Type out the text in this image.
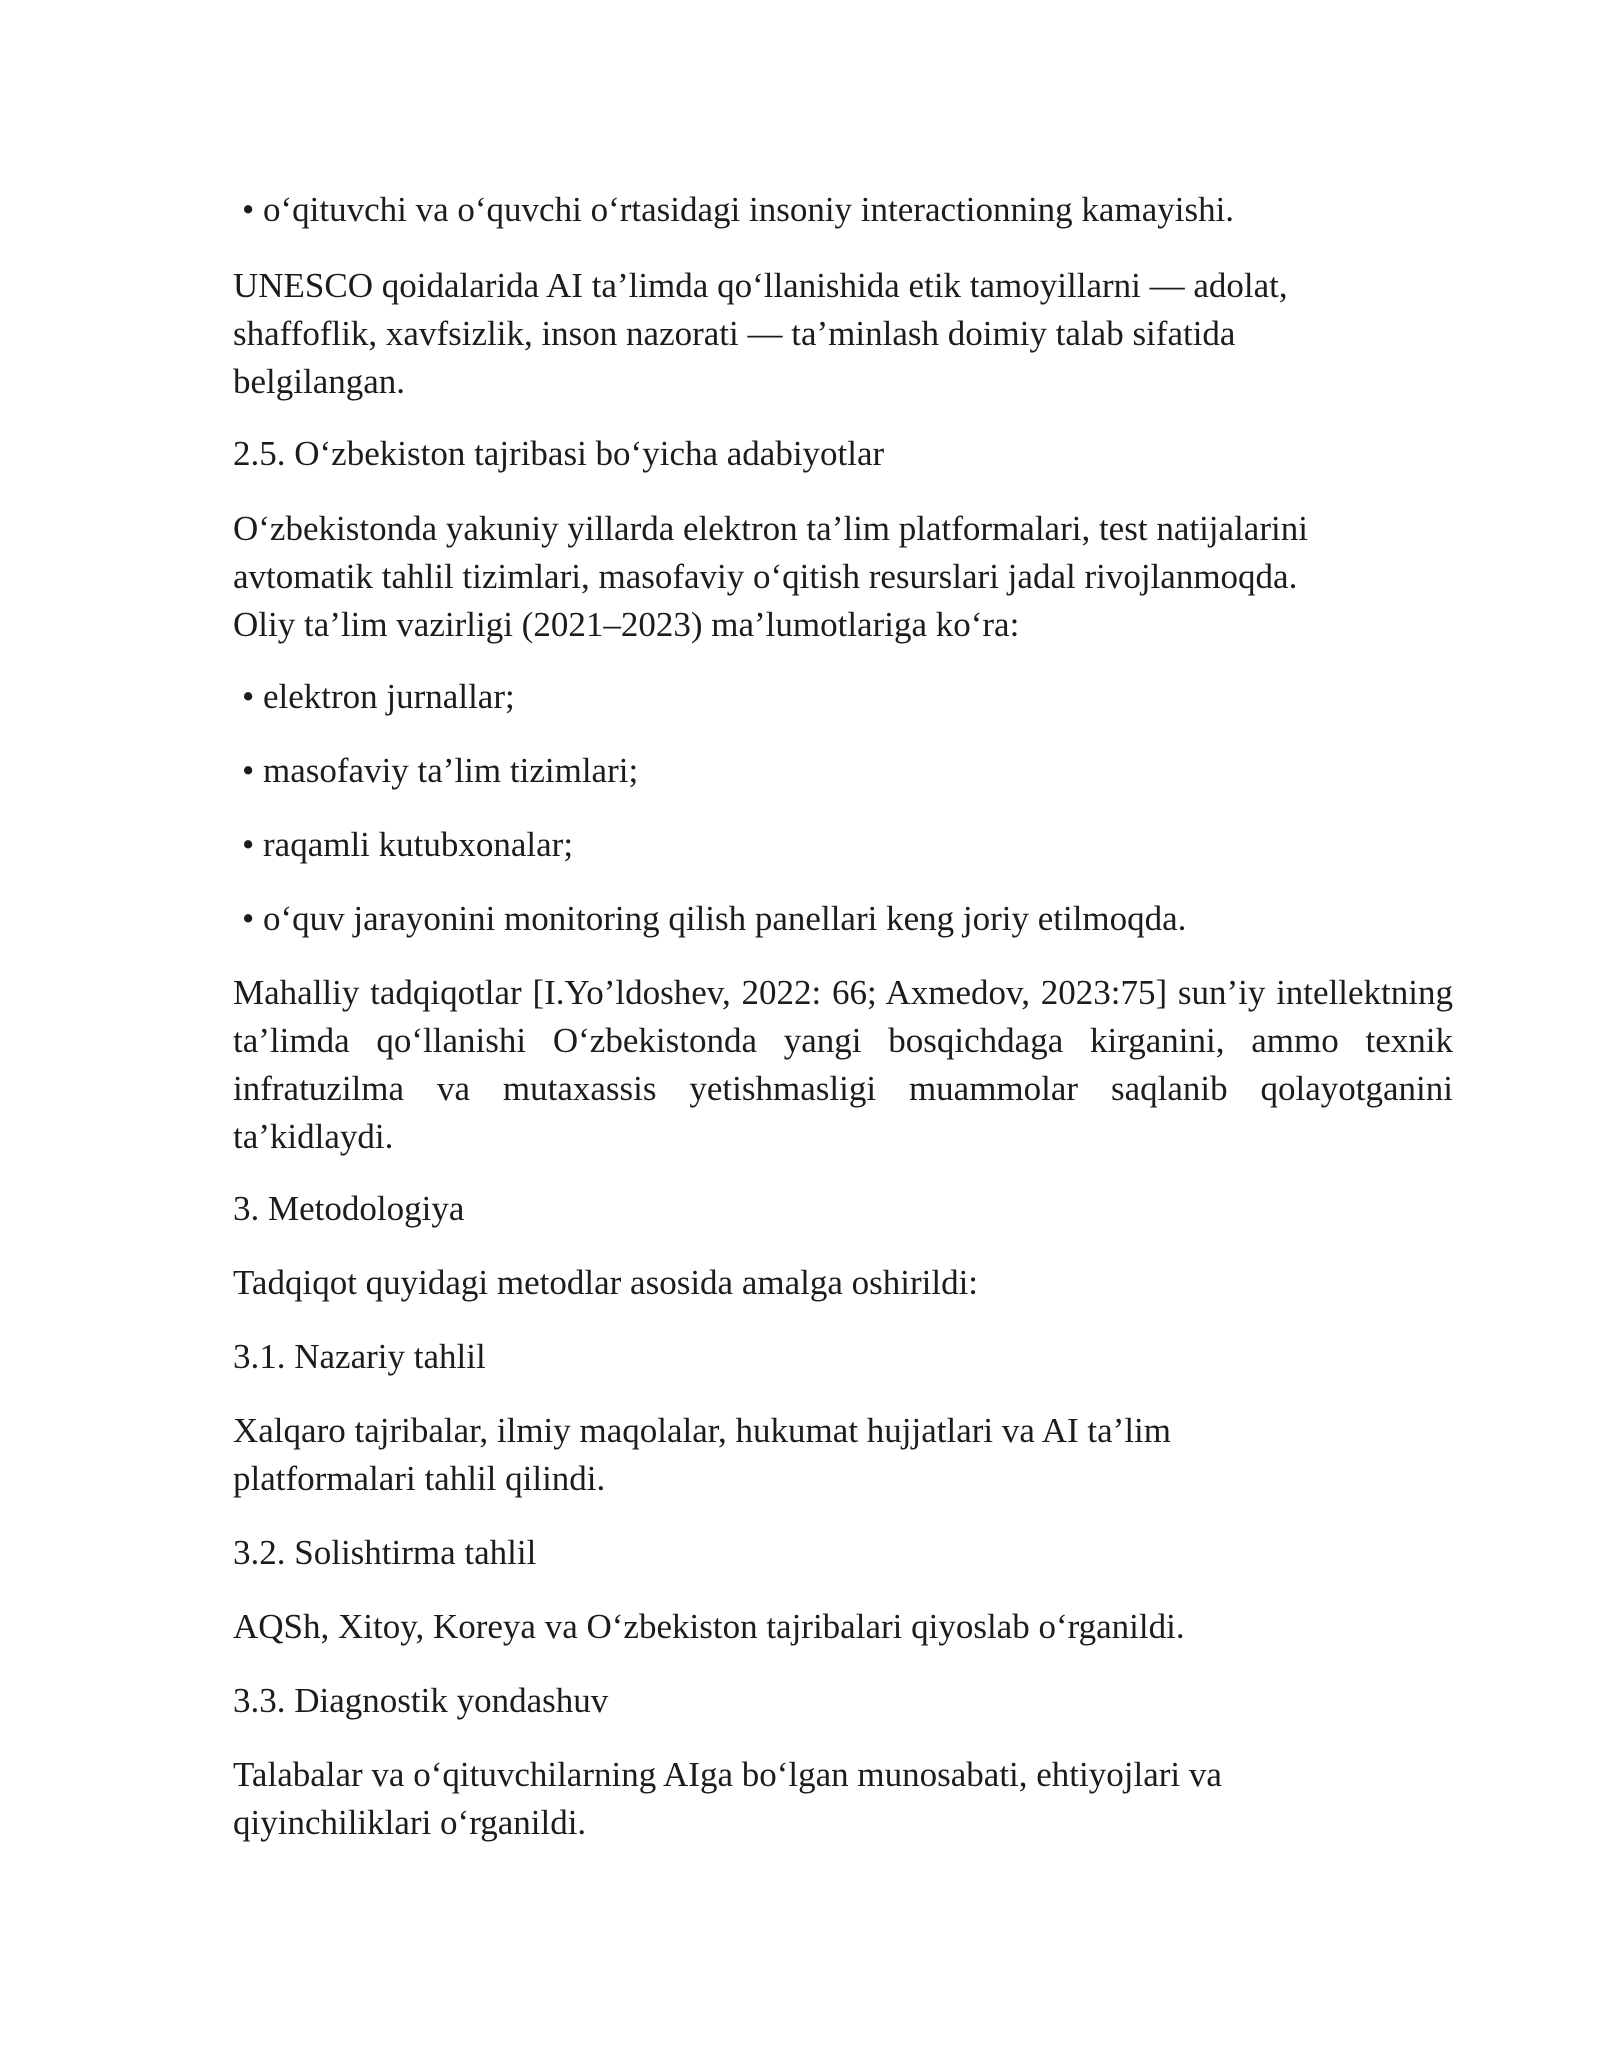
• o‘qituvchi va o‘quvchi o‘rtasidagi insoniy interactionning kamayishi.

UNESCO qoidalarida AI ta’limda qo‘llanishida etik tamoyillarni — adolat,
shaffoflik, xavfsizlik, inson nazorati — ta’minlash doimiy talab sifatida
belgilangan.

2.5. O‘zbekiston tajribasi bo‘yicha adabiyotlar

O‘zbekistonda yakuniy yillarda elektron ta’lim platformalari, test natijalarini
avtomatik tahlil tizimlari, masofaviy o‘qitish resurslari jadal rivojlanmoqda.
Oliy ta’lim vazirligi (2021–2023) ma’lumotlariga ko‘ra:

• elektron jurnallar;

• masofaviy ta’lim tizimlari;

• raqamli kutubxonalar;

• o‘quv jarayonini monitoring qilish panellari keng joriy etilmoqda.

Mahalliy tadqiqotlar [I.Yo’ldoshev, 2022: 66; Axmedov, 2023:75] sun’iy intellektning ta’limda qo‘llanishi O‘zbekistonda yangi bosqichdaga kirganini, ammo texnik infratuzilma va mutaxassis yetishmasligi muammolar saqlanib qolayotganini ta’kidlaydi.

3. Metodologiya

Tadqiqot quyidagi metodlar asosida amalga oshirildi:

3.1. Nazariy tahlil

Xalqaro tajribalar, ilmiy maqolalar, hukumat hujjatlari va AI ta’lim
platformalari tahlil qilindi.

3.2. Solishtirma tahlil

AQSh, Xitoy, Koreya va O‘zbekiston tajribalari qiyoslab o‘rganildi.

3.3. Diagnostik yondashuv

Talabalar va o‘qituvchilarning AIga bo‘lgan munosabati, ehtiyojlari va
qiyinchiliklari o‘rganildi.
